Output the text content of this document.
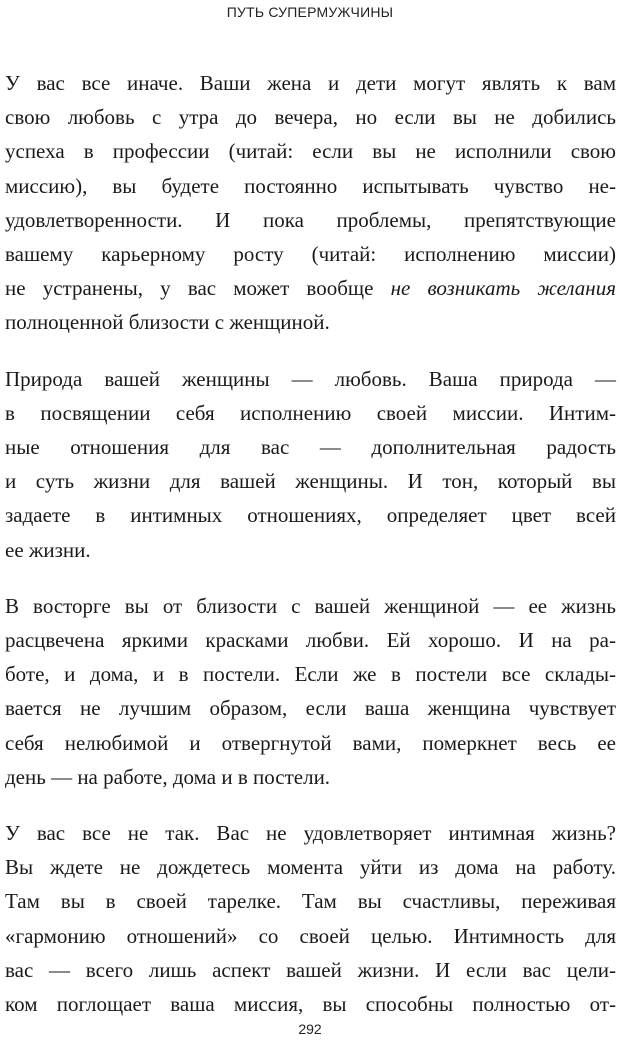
ПУТЬ СУПЕРМУЖЧИНЫ

У вас все иначе. Ваши жена и дети могут являть к вам
свою любовь с утра до вечера, но если вы не добились
успеха в профессии (читай: если вы не исполнили свою
миссию), вы будете постоянно испытывать чувство не-
удовлетворенности. И пока проблемы, препятствующие
вашему карьерному росту (читай: исполнению миссии)
не устранены, у вас может вообще не возникать желания
полноценной близости с женщиной.

Природа вашей женщины — любовь. Ваша природа —
в посвящении себя исполнению своей миссии. Интим-
ные отношения для вас — дополнительная радость
и суть жизни для вашей женщины. И тон, который вы
задаете в интимных отношениях, определяет цвет всей
ее жизни.

В восторге вы от близости с вашей женщиной — ее жизнь
расцвечена яркими красками любви. Ей хорошо. И на ра-
боте, и дома, и в постели. Если же в постели все склады-
вается не лучшим образом, если ваша женщина чувствует
себя нелюбимой и отвергнутой вами, померкнет весь ее
день — на работе, дома и в постели.

У вас все не так. Вас не удовлетворяет интимная жизнь?
Вы ждете не дождетесь момента уйти из дома на работу.
Там вы в своей тарелке. Там вы счастливы, переживая
«гармонию отношений» со своей целью. Интимность для
вас — всего лишь аспект вашей жизни. И если вас цели-
ком поглощает ваша миссия, вы способны полностью от-

292
